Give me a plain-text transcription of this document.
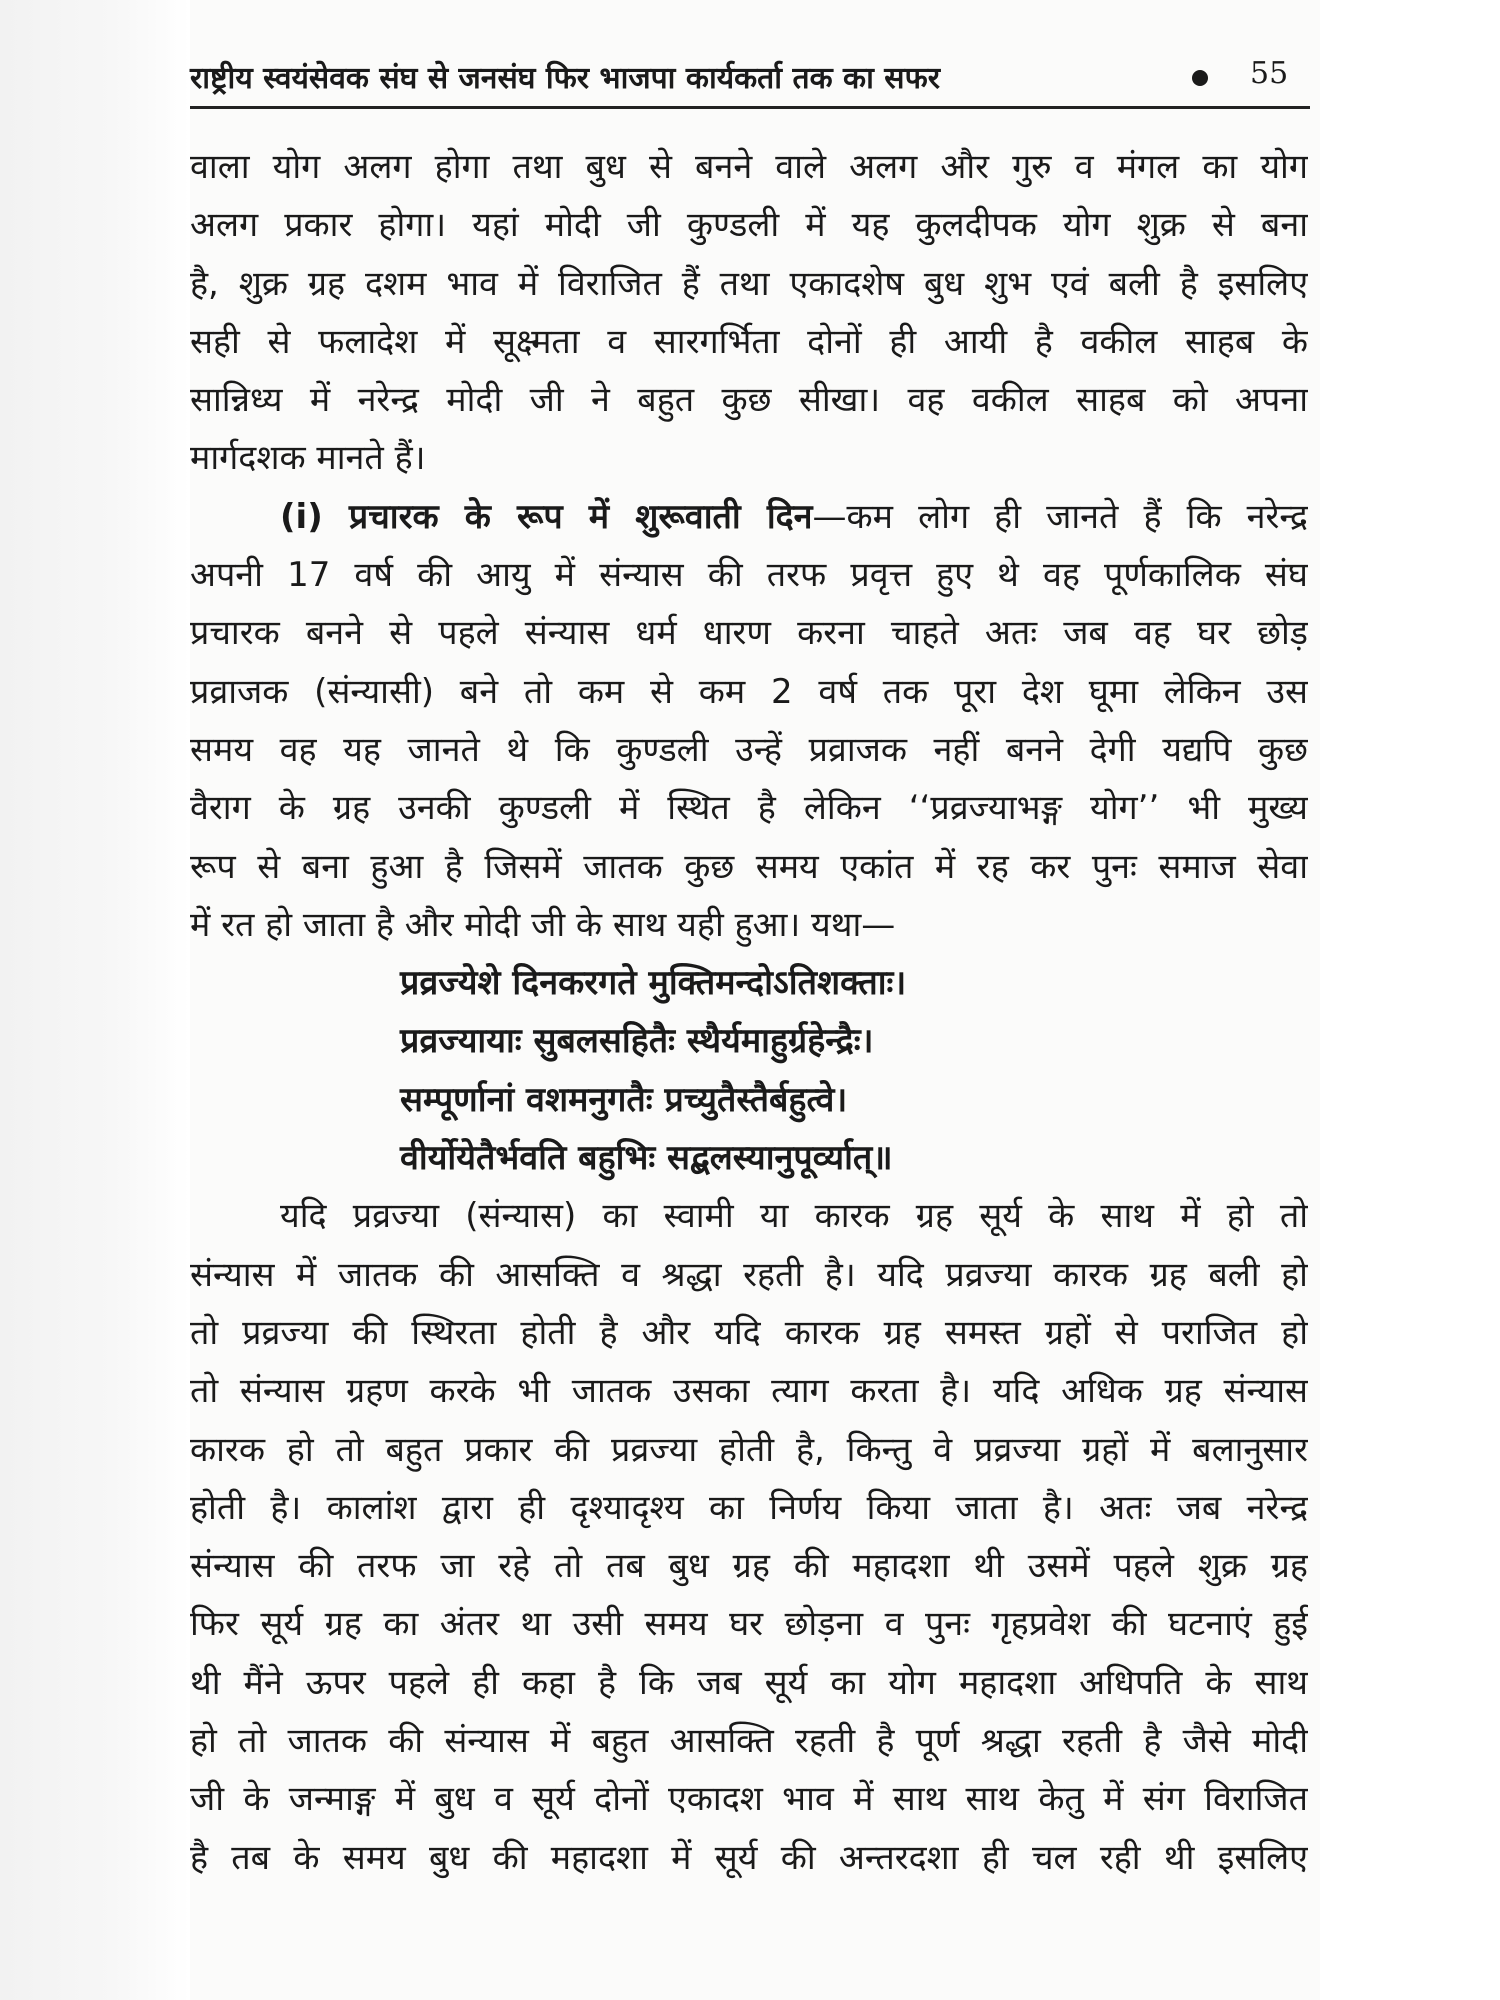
राष्ट्रीय स्वयंसेवक संघ से जनसंघ फिर भाजपा कार्यकर्ता तक का सफर	55
वाला योग अलग होगा तथा बुध से बनने वाले अलग और गुरु व मंगल का योग
अलग प्रकार होगा। यहां मोदी जी कुण्डली में यह कुलदीपक योग शुक्र से बना
है, शुक्र ग्रह दशम भाव में विराजित हैं तथा एकादशेष बुध शुभ एवं बली है इसलिए
सही से फलादेश में सूक्ष्मता व सारगर्भिता दोनों ही आयी है वकील साहब के
सान्निध्य में नरेन्द्र मोदी जी ने बहुत कुछ सीखा। वह वकील साहब को अपना
मार्गदशक मानते हैं।
(i) प्रचारक के रूप में शुरूवाती दिन—कम लोग ही जानते हैं कि नरेन्द्र
अपनी 17 वर्ष की आयु में संन्यास की तरफ प्रवृत्त हुए थे वह पूर्णकालिक संघ
प्रचारक बनने से पहले संन्यास धर्म धारण करना चाहते अतः जब वह घर छोड़
प्रव्राजक (संन्यासी) बने तो कम से कम 2 वर्ष तक पूरा देश घूमा लेकिन उस
समय वह यह जानते थे कि कुण्डली उन्हें प्रव्राजक नहीं बनने देगी यद्यपि कुछ
वैराग के ग्रह उनकी कुण्डली में स्थित है लेकिन ‘‘प्रव्रज्याभङ्ग योग’’ भी मुख्य
रूप से बना हुआ है जिसमें जातक कुछ समय एकांत में रह कर पुनः समाज सेवा
में रत हो जाता है और मोदी जी के साथ यही हुआ। यथा—
प्रव्रज्येशे दिनकरगते मुक्तिमन्दोऽतिशक्ताः।
प्रव्रज्यायाः सुबलसहितैः स्थैर्यमाहुर्ग्रहेन्द्रैः।
सम्पूर्णानां वशमनुगतैः प्रच्युतैस्तैर्बहुत्वे।
वीर्योयेतैर्भवति बहुभिः सद्बलस्यानुपूर्व्यात्॥
यदि प्रव्रज्या (संन्यास) का स्वामी या कारक ग्रह सूर्य के साथ में हो तो
संन्यास में जातक की आसक्ति व श्रद्धा रहती है। यदि प्रव्रज्या कारक ग्रह बली हो
तो प्रव्रज्या की स्थिरता होती है और यदि कारक ग्रह समस्त ग्रहों से पराजित हो
तो संन्यास ग्रहण करके भी जातक उसका त्याग करता है। यदि अधिक ग्रह संन्यास
कारक हो तो बहुत प्रकार की प्रव्रज्या होती है, किन्तु वे प्रव्रज्या ग्रहों में बलानुसार
होती है। कालांश द्वारा ही दृश्यादृश्य का निर्णय किया जाता है। अतः जब नरेन्द्र
संन्यास की तरफ जा रहे तो तब बुध ग्रह की महादशा थी उसमें पहले शुक्र ग्रह
फिर सूर्य ग्रह का अंतर था उसी समय घर छोड़ना व पुनः गृहप्रवेश की घटनाएं हुई
थी मैंने ऊपर पहले ही कहा है कि जब सूर्य का योग महादशा अधिपति के साथ
हो तो जातक की संन्यास में बहुत आसक्ति रहती है पूर्ण श्रद्धा रहती है जैसे मोदी
जी के जन्माङ्ग में बुध व सूर्य दोनों एकादश भाव में साथ साथ केतु में संग विराजित
है तब के समय बुध की महादशा में सूर्य की अन्तरदशा ही चल रही थी इसलिए
